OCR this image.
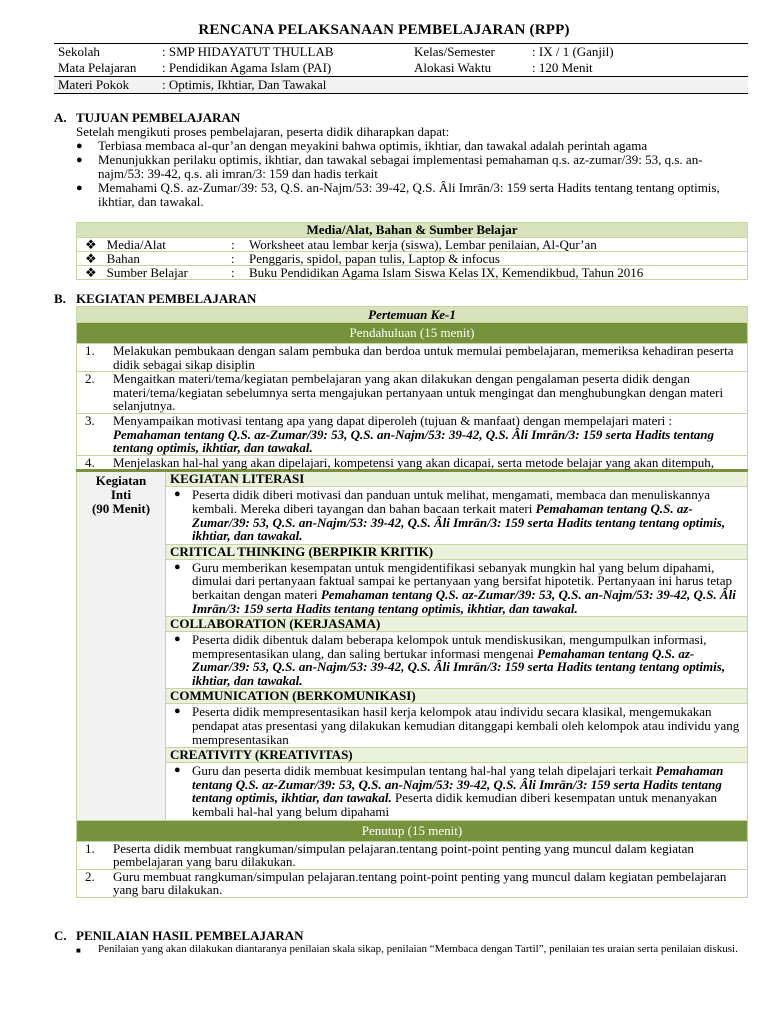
RENCANA PELAKSANAAN PEMBELAJARAN (RPP)
Sekolah	: SMP HIDAYATUT THULLAB	Kelas/Semester	: IX / 1 (Ganjil)
Mata Pelajaran	: Pendidikan Agama Islam (PAI)	Alokasi Waktu	: 120 Menit
Materi Pokok	: Optimis, Ikhtiar, Dan Tawakal		
A. TUJUAN PEMBELAJARAN
Setelah mengikuti proses pembelajaran, peserta didik diharapkan dapat:
●	Terbiasa membaca al-qur’an dengan meyakini bahwa optimis, ikhtiar, dan tawakal adalah perintah agama
●	Menunjukkan perilaku optimis, ikhtiar, dan tawakal sebagai implementasi pemahaman q.s. az-zumar/39: 53, q.s. an-najm/53: 39-42, q.s. ali imran/3: 159 dan hadis terkait
●	Memahami Q.S. az-Zumar/39: 53, Q.S. an-Najm/53: 39-42, Q.S. Ȃli Imrān/3: 159 serta Hadits tentang tentang optimis, ikhtiar, dan tawakal.
Media/Alat, Bahan & Sumber Belajar		
❖ Media/Alat	:	Worksheet atau lembar kerja (siswa), Lembar penilaian, Al-Qur’an
❖ Bahan	:	Penggaris, spidol, papan tulis, Laptop & infocus
❖ Sumber Belajar	:	Buku Pendidikan Agama Islam Siswa Kelas IX, Kemendikbud, Tahun 2016
B. KEGIATAN PEMBELAJARAN
Pertemuan Ke-1
Pendahuluan (15 menit)

1.	Melakukan pembukaan dengan salam pembuka dan berdoa untuk memulai pembelajaran, memeriksa kehadiran peserta didik sebagai sikap disiplin

2.	Mengaitkan materi/tema/kegiatan pembelajaran yang akan dilakukan dengan pengalaman peserta didik dengan materi/tema/kegiatan sebelumnya serta mengajukan pertanyaan untuk mengingat dan menghubungkan dengan materi selanjutnya.

3.	Menyampaikan motivasi tentang apa yang dapat diperoleh (tujuan & manfaat) dengan mempelajari materi : Pemahaman tentang Q.S. az-Zumar/39: 53, Q.S. an-Najm/53: 39-42, Q.S. Ȃli Imrān/3: 159 serta Hadits tentang tentang optimis, ikhtiar, dan tawakal.

4.	Menjelaskan hal-hal yang akan dipelajari, kompetensi yang akan dicapai, serta metode belajar yang akan ditempuh,

Kegiatan
Inti
(90 Menit)
	KEGIATAN LITERASI

● Peserta didik diberi motivasi dan panduan untuk melihat, mengamati, membaca dan menuliskannya kembali. Mereka diberi tayangan dan bahan bacaan terkait materi Pemahaman tentang Q.S. az-Zumar/39: 53, Q.S. an-Najm/53: 39-42, Q.S. Ȃli Imrān/3: 159 serta Hadits tentang tentang optimis, ikhtiar, dan tawakal.
CRITICAL THINKING (BERPIKIR KRITIK)

● Guru memberikan kesempatan untuk mengidentifikasi sebanyak mungkin hal yang belum dipahami, dimulai dari pertanyaan faktual sampai ke pertanyaan yang bersifat hipotetik. Pertanyaan ini harus tetap berkaitan dengan materi Pemahaman tentang Q.S. az-Zumar/39: 53, Q.S. an-Najm/53: 39-42, Q.S. Ȃli Imrān/3: 159 serta Hadits tentang tentang optimis, ikhtiar, dan tawakal.
COLLABORATION (KERJASAMA)

● Peserta didik dibentuk dalam beberapa kelompok untuk mendiskusikan, mengumpulkan informasi, mempresentasikan ulang, dan saling bertukar informasi mengenai Pemahaman tentang Q.S. az-Zumar/39: 53, Q.S. an-Najm/53: 39-42, Q.S. Ȃli Imrān/3: 159 serta Hadits tentang tentang optimis, ikhtiar, dan tawakal.
COMMUNICATION (BERKOMUNIKASI)

● Peserta didik mempresentasikan hasil kerja kelompok atau individu secara klasikal, mengemukakan pendapat atas presentasi yang dilakukan kemudian ditanggapi kembali oleh kelompok atau individu yang mempresentasikan
CREATIVITY (KREATIVITAS)

● Guru dan peserta didik membuat kesimpulan tentang hal-hal yang telah dipelajari terkait Pemahaman tentang Q.S. az-Zumar/39: 53, Q.S. an-Najm/53: 39-42, Q.S. Ȃli Imrān/3: 159 serta Hadits tentang tentang optimis, ikhtiar, dan tawakal. Peserta didik kemudian diberi kesempatan untuk menanyakan kembali hal-hal yang belum dipahami
Penutup (15 menit)

1.	Peserta didik membuat rangkuman/simpulan pelajaran.tentang point-point penting yang muncul dalam kegiatan pembelajaran yang baru dilakukan.

2.	Guru membuat rangkuman/simpulan pelajaran.tentang point-point penting yang muncul dalam kegiatan pembelajaran yang baru dilakukan.
C. PENILAIAN HASIL PEMBELAJARAN
■	Penilaian yang akan dilakukan diantaranya penilaian skala sikap, penilaian “Membaca dengan Tartil”, penilaian tes uraian serta penilaian diskusi.
